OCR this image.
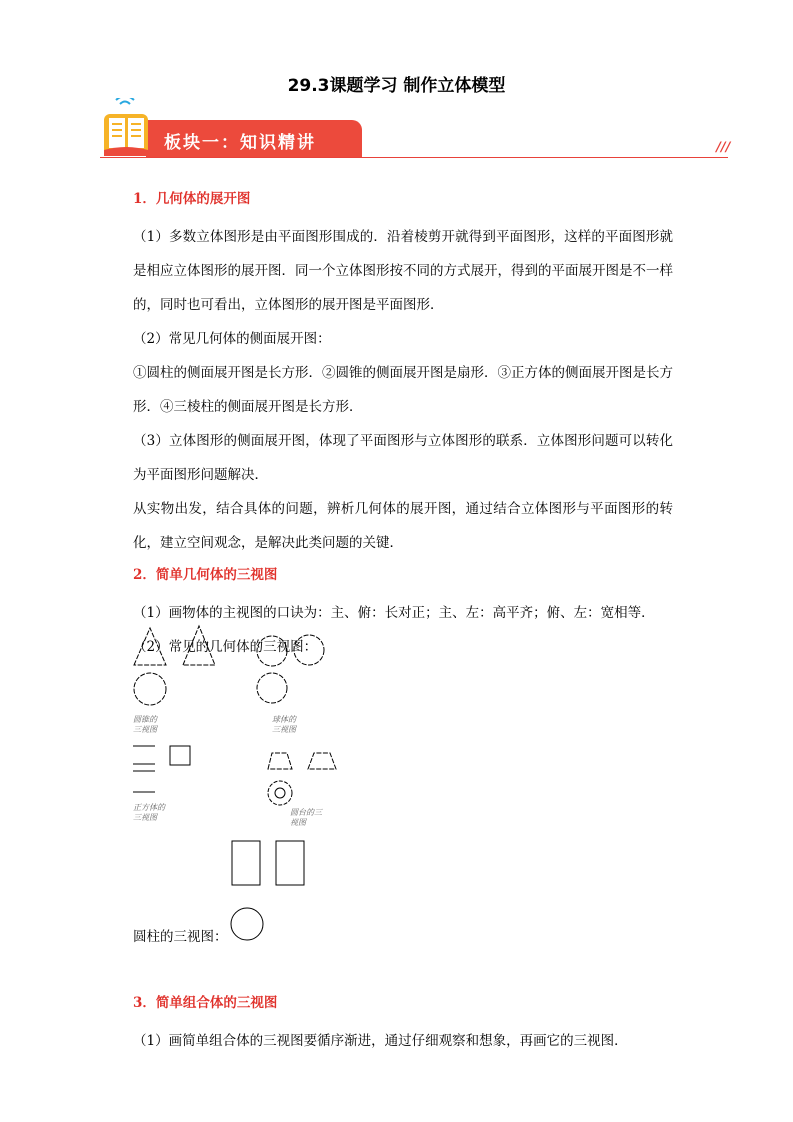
29.3课题学习 制作立体模型
板块一：知识精讲	///

1．几何体的展开图

（1）多数立体图形是由平面图形围成的．沿着棱剪开就得到平面图形，这样的平面图形就是相应立体图形的展开图．同一个立体图形按不同的方式展开，得到的平面展开图是不一样的，同时也可看出，立体图形的展开图是平面图形．

（2）常见几何体的侧面展开图：

①圆柱的侧面展开图是长方形．②圆锥的侧面展开图是扇形．③正方体的侧面展开图是长方形．④三棱柱的侧面展开图是长方形．

（3）立体图形的侧面展开图，体现了平面图形与立体图形的联系．立体图形问题可以转化为平面图形问题解决．

从实物出发，结合具体的问题，辨析几何体的展开图，通过结合立体图形与平面图形的转化，建立空间观念，是解决此类问题的关键．

2．简单几何体的三视图

（1）画物体的主视图的口诀为：主、俯：长对正；主、左：高平齐；俯、左：宽相等．

（2）常见的几何体的三视图：

圆锥的
三视图
球体的
三视图
正方体的
三视图
圆台的三
视图
圆柱的三视图：

3．简单组合体的三视图

（1）画简单组合体的三视图要循序渐进，通过仔细观察和想象，再画它的三视图．
